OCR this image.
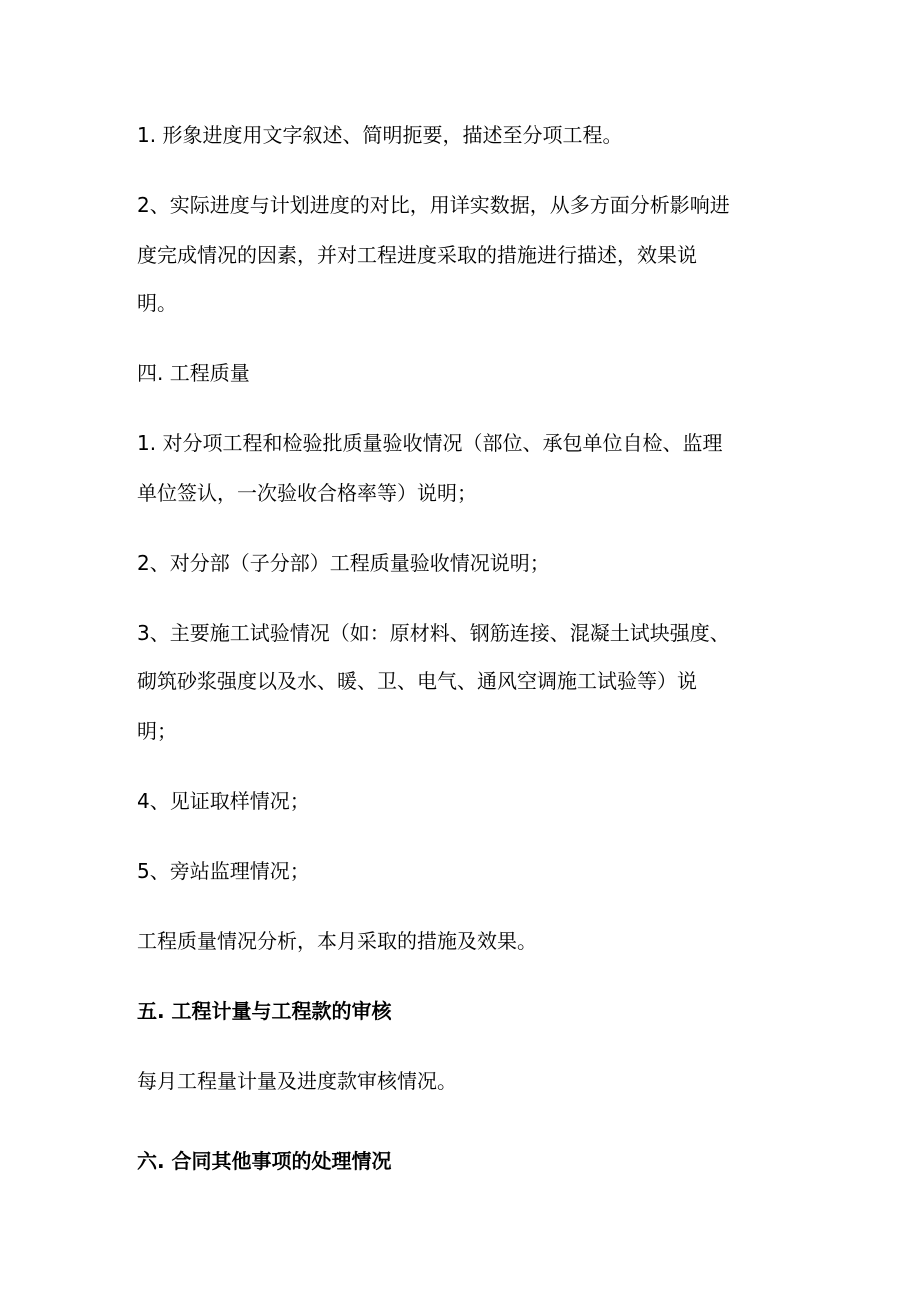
1. 形象进度用文字叙述、简明扼要，描述至分项工程。
2、实际进度与计划进度的对比，用详实数据，从多方面分析影响进
度完成情况的因素，并对工程进度采取的措施进行描述，效果说
明。
四. 工程质量
1. 对分项工程和检验批质量验收情况（部位、承包单位自检、监理
单位签认，一次验收合格率等）说明；
2、对分部（子分部）工程质量验收情况说明；
3、主要施工试验情况（如：原材料、钢筋连接、混凝土试块强度、
砌筑砂浆强度以及水、暖、卫、电气、通风空调施工试验等）说
明；
4、见证取样情况；
5、旁站监理情况；
工程质量情况分析，本月采取的措施及效果。
五. 工程计量与工程款的审核
每月工程量计量及进度款审核情况。
六. 合同其他事项的处理情况
